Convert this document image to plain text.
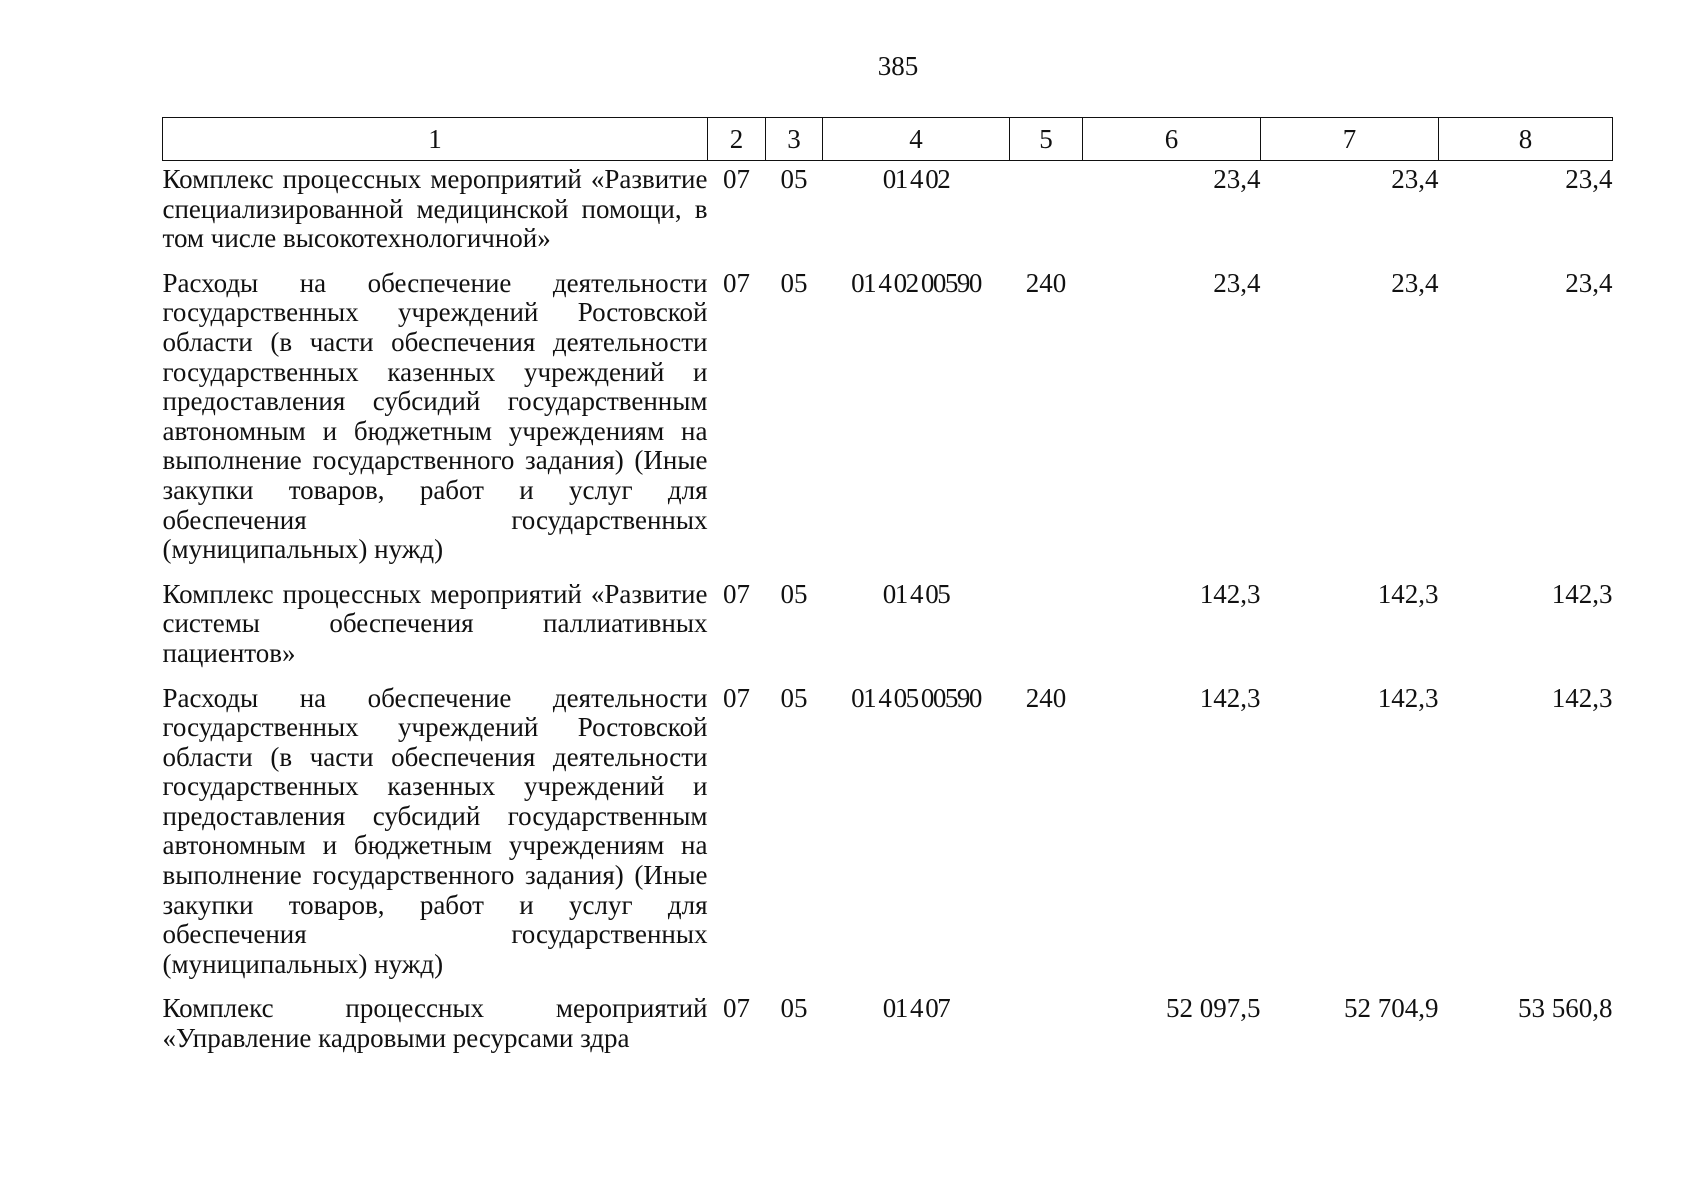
385
1	2	3	4	5	6	7	8
Комплекс процессных мероприятий «Развитие специализированной медицинской помощи, в том числе высокотехнологичной»	07	05	01 4 02		23,4	23,4	23,4
Расходы на обеспечение деятельности государственных учреждений Ростовской области (в части обеспечения деятельности государственных казенных учреждений и предоставления субсидий государственным автономным и бюджетным учреждениям на выполнение государственного задания) (Иные закупки товаров, работ и услуг для обеспечения государственных (муниципальных) нужд)	07	05	01 4 02 00590	240	23,4	23,4	23,4
Комплекс процессных мероприятий «Развитие системы обеспечения паллиативных пациентов»	07	05	01 4 05		142,3	142,3	142,3
Расходы на обеспечение деятельности государственных учреждений Ростовской области (в части обеспечения деятельности государственных казенных учреждений и предоставления субсидий государственным автономным и бюджетным учреждениям на выполнение государственного задания) (Иные закупки товаров, работ и услуг для обеспечения государственных (муниципальных) нужд)	07	05	01 4 05 00590	240	142,3	142,3	142,3
Комплекс процессных мероприятий «Управление кадровыми ресурсами здра	07	05	01 4 07		52 097,5	52 704,9	53 560,8
